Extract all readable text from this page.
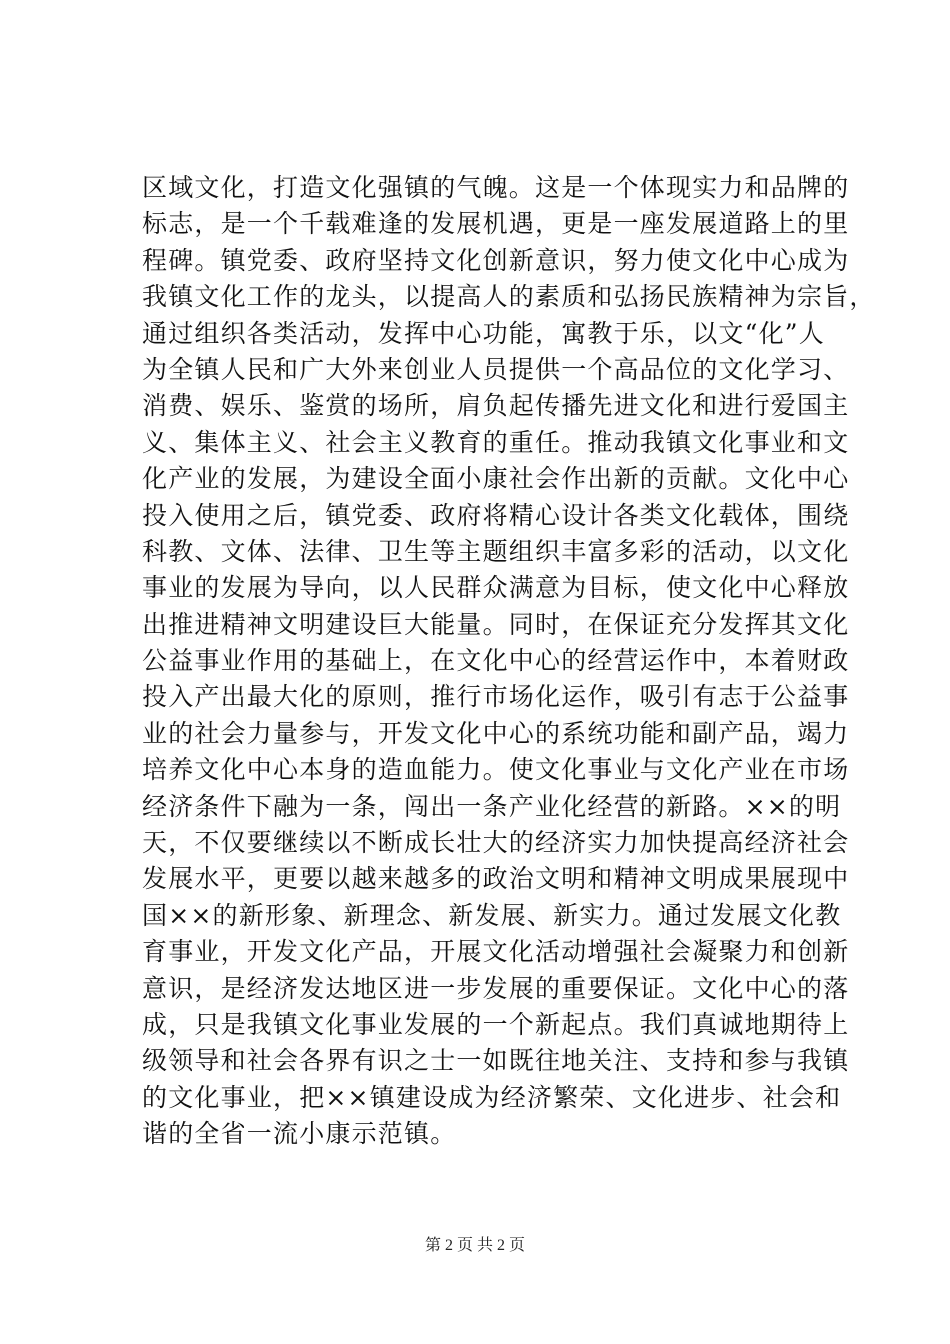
区域文化，打造文化强镇的气魄。这是一个体现实力和品牌的
标志，是一个千载难逢的发展机遇，更是一座发展道路上的里
程碑。镇党委、政府坚持文化创新意识，努力使文化中心成为
我镇文化工作的龙头，以提高人的素质和弘扬民族精神为宗旨，
通过组织各类活动，发挥中心功能，寓教于乐，以文“化”人
为全镇人民和广大外来创业人员提供一个高品位的文化学习、
消费、娱乐、鉴赏的场所，肩负起传播先进文化和进行爱国主
义、集体主义、社会主义教育的重任。推动我镇文化事业和文
化产业的发展，为建设全面小康社会作出新的贡献。文化中心
投入使用之后，镇党委、政府将精心设计各类文化载体，围绕
科教、文体、法律、卫生等主题组织丰富多彩的活动，以文化
事业的发展为导向，以人民群众满意为目标，使文化中心释放
出推进精神文明建设巨大能量。同时，在保证充分发挥其文化
公益事业作用的基础上，在文化中心的经营运作中，本着财政
投入产出最大化的原则，推行市场化运作，吸引有志于公益事
业的社会力量参与，开发文化中心的系统功能和副产品，竭力
培养文化中心本身的造血能力。使文化事业与文化产业在市场
经济条件下融为一条，闯出一条产业化经营的新路。××的明
天，不仅要继续以不断成长壮大的经济实力加快提高经济社会
发展水平，更要以越来越多的政治文明和精神文明成果展现中
国××的新形象、新理念、新发展、新实力。通过发展文化教
育事业，开发文化产品，开展文化活动增强社会凝聚力和创新
意识，是经济发达地区进一步发展的重要保证。文化中心的落
成，只是我镇文化事业发展的一个新起点。我们真诚地期待上
级领导和社会各界有识之士一如既往地关注、支持和参与我镇
的文化事业，把××镇建设成为经济繁荣、文化进步、社会和
谐的全省一流小康示范镇。
第 2 页 共 2 页
